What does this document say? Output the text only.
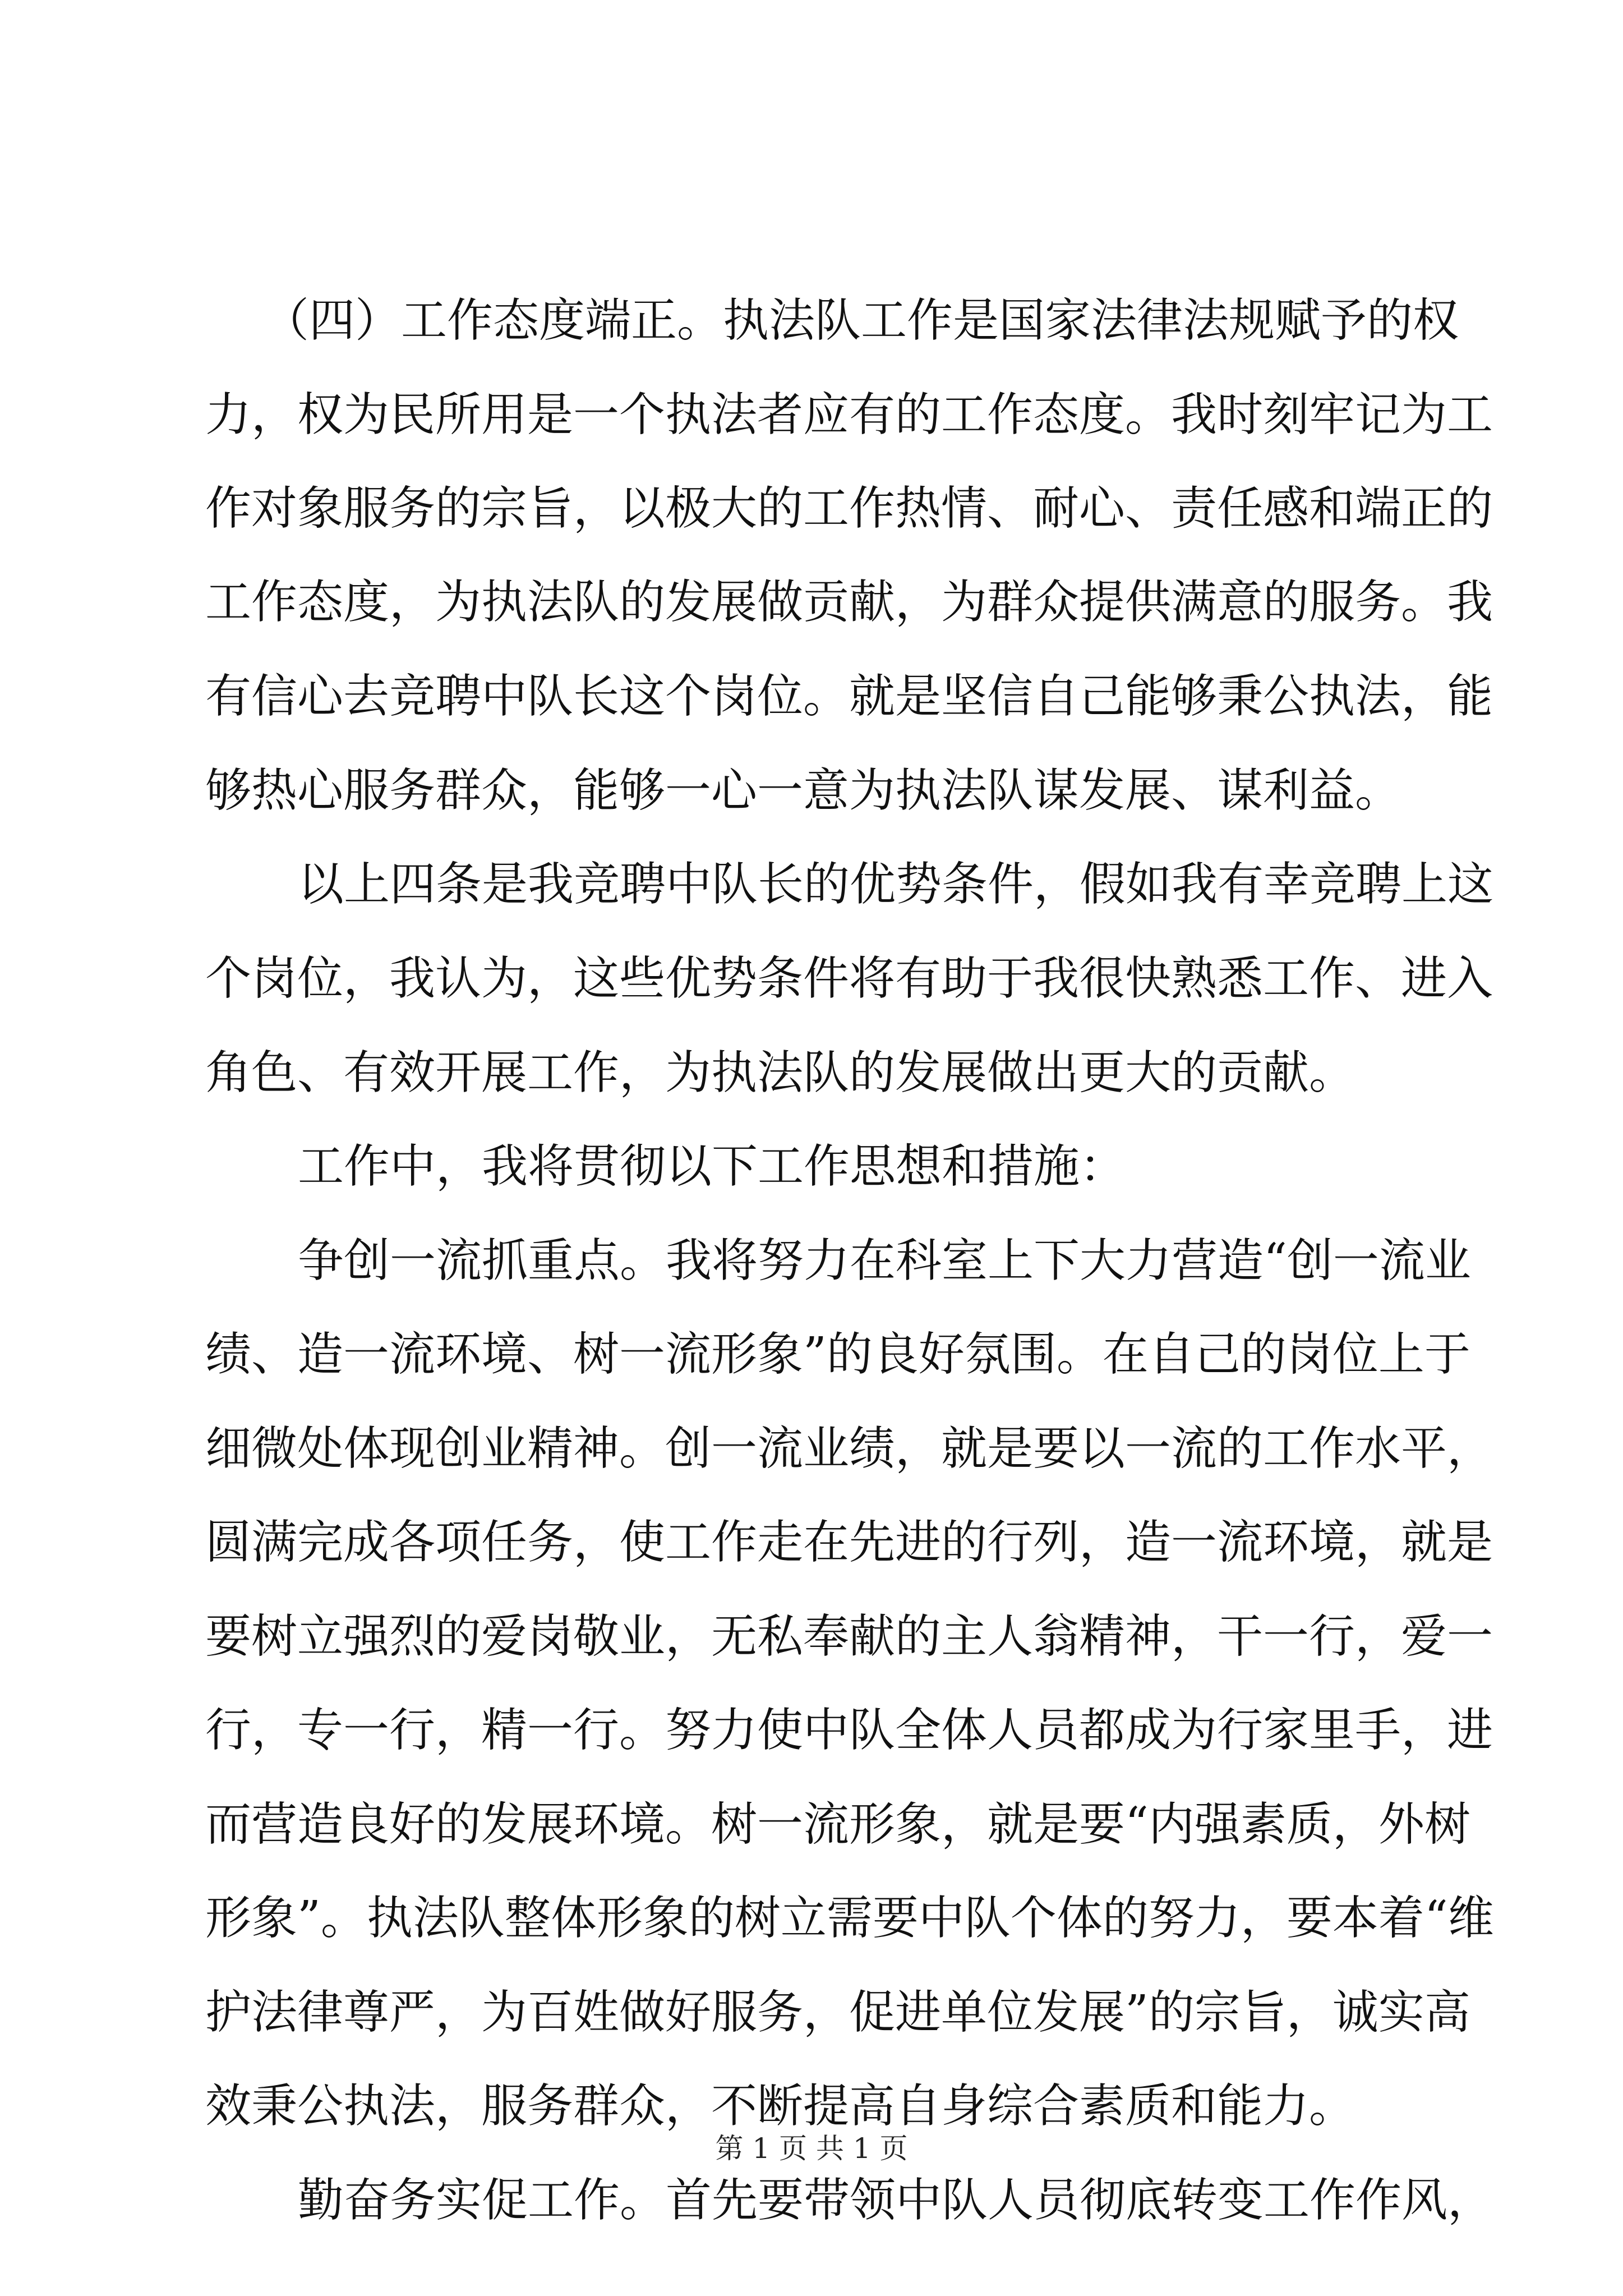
（四）工作态度端正。执法队工作是国家法律法规赋予的权
力，权为民所用是一个执法者应有的工作态度。我时刻牢记为工
作对象服务的宗旨，以极大的工作热情、耐心、责任感和端正的
工作态度，为执法队的发展做贡献，为群众提供满意的服务。我
有信心去竞聘中队长这个岗位。就是坚信自己能够秉公执法，能
够热心服务群众，能够一心一意为执法队谋发展、谋利益。
以上四条是我竞聘中队长的优势条件，假如我有幸竞聘上这
个岗位，我认为，这些优势条件将有助于我很快熟悉工作、进入
角色、有效开展工作，为执法队的发展做出更大的贡献。
工作中，我将贯彻以下工作思想和措施：
争创一流抓重点。我将努力在科室上下大力营造“创一流业
绩、造一流环境、树一流形象”的良好氛围。在自己的岗位上于
细微处体现创业精神。创一流业绩，就是要以一流的工作水平，
圆满完成各项任务，使工作走在先进的行列，造一流环境，就是
要树立强烈的爱岗敬业，无私奉献的主人翁精神，干一行，爱一
行，专一行，精一行。努力使中队全体人员都成为行家里手，进
而营造良好的发展环境。树一流形象，就是要“内强素质，外树
形象”。执法队整体形象的树立需要中队个体的努力，要本着“维
护法律尊严，为百姓做好服务，促进单位发展”的宗旨，诚实高
效秉公执法，服务群众，不断提高自身综合素质和能力。
勤奋务实促工作。首先要带领中队人员彻底转变工作作风，
第 1 页 共 1 页
